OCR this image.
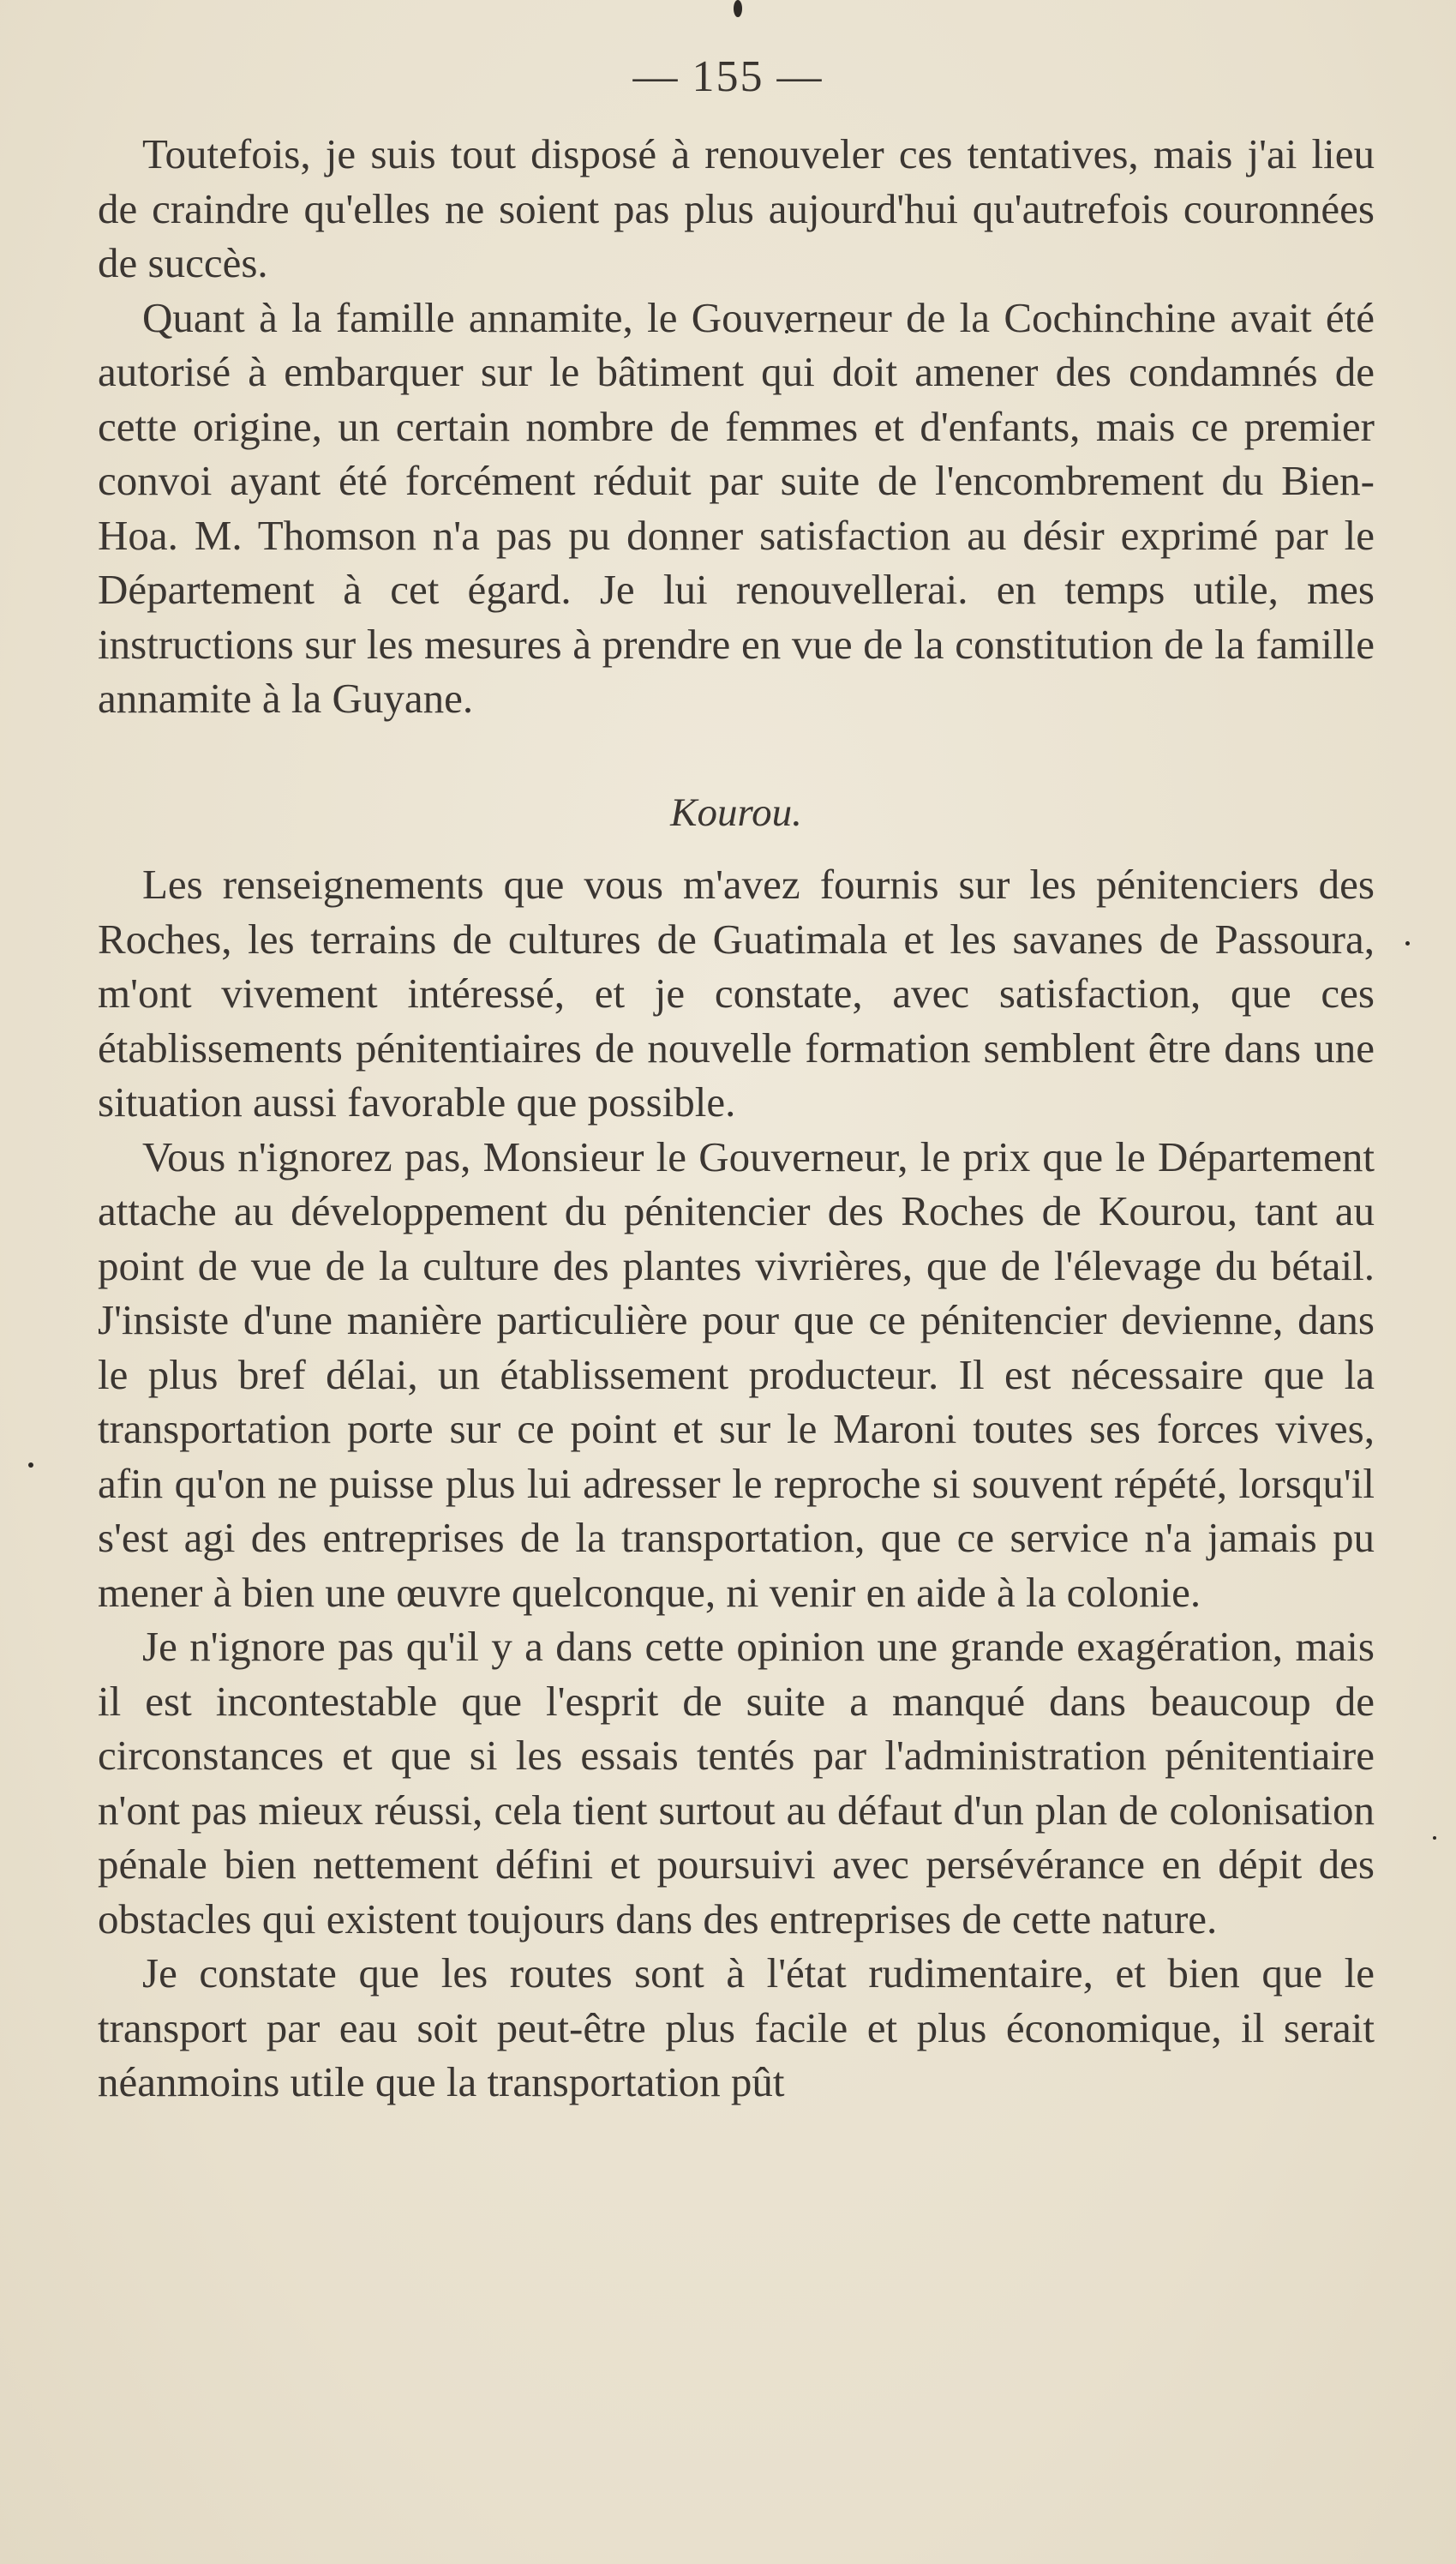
— 155 —

Toutefois, je suis tout disposé à renouveler ces tentatives, mais j'ai lieu de craindre qu'elles ne soient pas plus aujourd'hui qu'autrefois couronnées de succès.

Quant à la famille annamite, le Gouverneur de la Cochinchine avait été autorisé à embarquer sur le bâtiment qui doit amener des condamnés de cette origine, un certain nombre de femmes et d'enfants, mais ce premier convoi ayant été forcément réduit par suite de l'encombrement du Bien-Hoa. M. Thomson n'a pas pu donner satisfaction au désir exprimé par le Département à cet égard. Je lui renouvellerai. en temps utile, mes instructions sur les mesures à prendre en vue de la constitution de la famille annamite à la Guyane.

Kourou.

Les renseignements que vous m'avez fournis sur les pénitenciers des Roches, les terrains de cultures de Guatimala et les savanes de Passoura, m'ont vivement intéressé, et je constate, avec satisfaction, que ces établissements pénitentiaires de nouvelle formation semblent être dans une situation aussi favorable que possible.

Vous n'ignorez pas, Monsieur le Gouverneur, le prix que le Département attache au développement du pénitencier des Roches de Kourou, tant au point de vue de la culture des plantes vivrières, que de l'élevage du bétail. J'insiste d'une manière particulière pour que ce pénitencier devienne, dans le plus bref délai, un établissement producteur. Il est nécessaire que la transportation porte sur ce point et sur le Maroni toutes ses forces vives, afin qu'on ne puisse plus lui adresser le reproche si souvent répété, lorsqu'il s'est agi des entreprises de la transportation, que ce service n'a jamais pu mener à bien une œuvre quelconque, ni venir en aide à la colonie.

Je n'ignore pas qu'il y a dans cette opinion une grande exagération, mais il est incontestable que l'esprit de suite a manqué dans beaucoup de circonstances et que si les essais tentés par l'administration pénitentiaire n'ont pas mieux réussi, cela tient surtout au défaut d'un plan de colonisation pénale bien nettement défini et poursuivi avec persévérance en dépit des obstacles qui existent toujours dans des entreprises de cette nature.

Je constate que les routes sont à l'état rudimentaire, et bien que le transport par eau soit peut-être plus facile et plus économique, il serait néanmoins utile que la transportation pût
